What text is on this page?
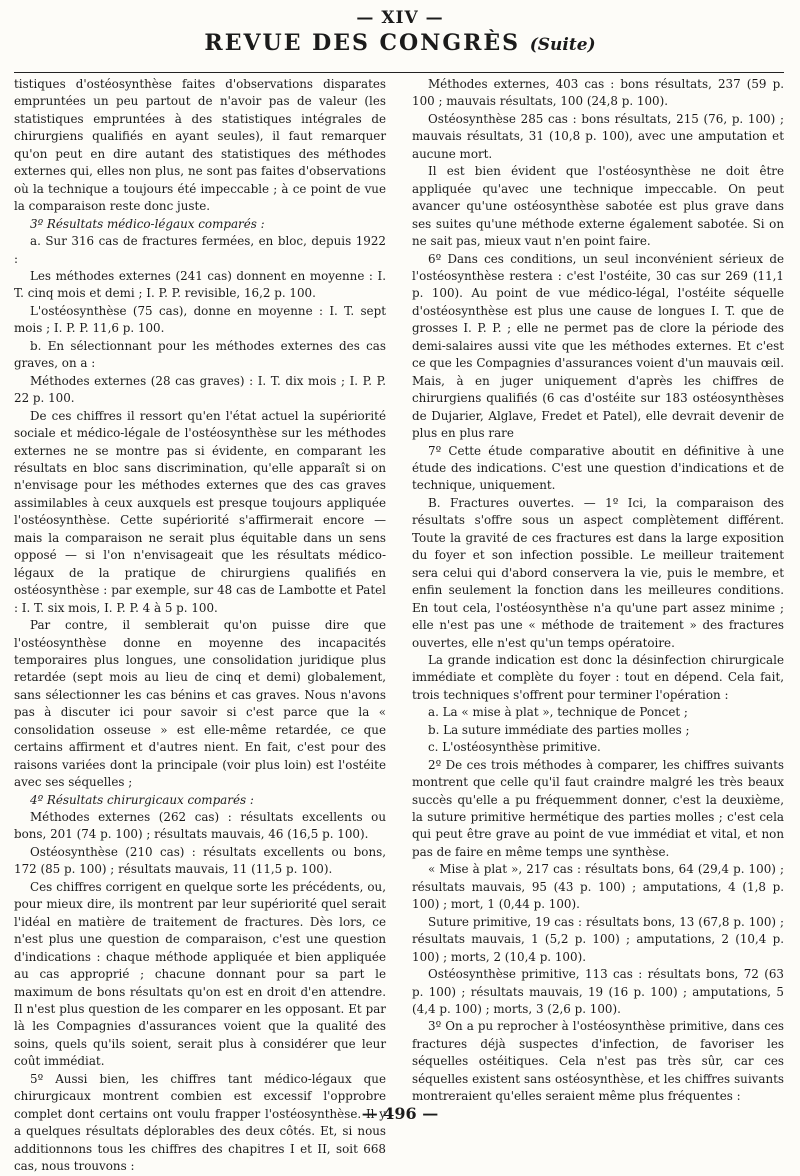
— XIV —
REVUE DES CONGRÈS (Suite)

tistiques d'ostéosynthèse faites d'observations disparates empruntées un peu partout de n'avoir pas de valeur (les statistiques empruntées à des statistiques intégrales de chirurgiens qualifiés en ayant seules), il faut remarquer qu'on peut en dire autant des statistiques des méthodes externes qui, elles non plus, ne sont pas faites d'observations où la technique a toujours été impeccable ; à ce point de vue la comparaison reste donc juste.

3º Résultats médico-légaux comparés :

a. Sur 316 cas de fractures fermées, en bloc, depuis 1922 :

Les méthodes externes (241 cas) donnent en moyenne : I. T. cinq mois et demi ; I. P. P. revisible, 16,2 p. 100.

L'ostéosynthèse (75 cas), donne en moyenne : I. T. sept mois ; I. P. P. 11,6 p. 100.

b. En sélectionnant pour les méthodes externes des cas graves, on a :

Méthodes externes (28 cas graves) : I. T. dix mois ; I. P. P. 22 p. 100.

De ces chiffres il ressort qu'en l'état actuel la supériorité sociale et médico-légale de l'ostéosynthèse sur les méthodes externes ne se montre pas si évidente, en comparant les résultats en bloc sans discrimination, qu'elle apparaît si on n'envisage pour les méthodes externes que des cas graves assimilables à ceux auxquels est presque toujours appliquée l'ostéosynthèse. Cette supériorité s'affirmerait encore — mais la comparaison ne serait plus équitable dans un sens opposé — si l'on n'envisageait que les résultats médico-légaux de la pratique de chirurgiens qualifiés en ostéosynthèse : par exemple, sur 48 cas de Lambotte et Patel : I. T. six mois, I. P. P. 4 à 5 p. 100.

Par contre, il semblerait qu'on puisse dire que l'ostéosynthèse donne en moyenne des incapacités temporaires plus longues, une consolidation juridique plus retardée (sept mois au lieu de cinq et demi) globalement, sans sélectionner les cas bénins et cas graves. Nous n'avons pas à discuter ici pour savoir si c'est parce que la « consolidation osseuse » est elle-même retardée, ce que certains affirment et d'autres nient. En fait, c'est pour des raisons variées dont la principale (voir plus loin) est l'ostéite avec ses séquelles ;

4º Résultats chirurgicaux comparés :

Méthodes externes (262 cas) : résultats excellents ou bons, 201 (74 p. 100) ; résultats mauvais, 46 (16,5 p. 100).

Ostéosynthèse (210 cas) : résultats excellents ou bons, 172 (85 p. 100) ; résultats mauvais, 11 (11,5 p. 100).

Ces chiffres corrigent en quelque sorte les précédents, ou, pour mieux dire, ils montrent par leur supériorité quel serait l'idéal en matière de traitement de fractures. Dès lors, ce n'est plus une question de comparaison, c'est une question d'indications : chaque méthode appliquée et bien appliquée au cas approprié ; chacune donnant pour sa part le maximum de bons résultats qu'on est en droit d'en attendre. Il n'est plus question de les comparer en les opposant. Et par là les Compagnies d'assurances voient que la qualité des soins, quels qu'ils soient, serait plus à considérer que leur coût immédiat.

5º Aussi bien, les chiffres tant médico-légaux que chirurgicaux montrent combien est excessif l'opprobre complet dont certains ont voulu frapper l'ostéosynthèse. Il y a quelques résultats déplorables des deux côtés. Et, si nous additionnons tous les chiffres des chapitres I et II, soit 668 cas, nous trouvons :

Méthodes externes, 403 cas : bons résultats, 237 (59 p. 100 ; mauvais résultats, 100 (24,8 p. 100).

Ostéosynthèse 285 cas : bons résultats, 215 (76, p. 100) ; mauvais résultats, 31 (10,8 p. 100), avec une amputation et aucune mort.

Il est bien évident que l'ostéosynthèse ne doit être appliquée qu'avec une technique impeccable. On peut avancer qu'une ostéosynthèse sabotée est plus grave dans ses suites qu'une méthode externe également sabotée. Si on ne sait pas, mieux vaut n'en point faire.

6º Dans ces conditions, un seul inconvénient sérieux de l'ostéosynthèse restera : c'est l'ostéite, 30 cas sur 269 (11,1 p. 100). Au point de vue médico-légal, l'ostéite séquelle d'ostéosynthèse est plus une cause de longues I. T. que de grosses I. P. P. ; elle ne permet pas de clore la période des demi-salaires aussi vite que les méthodes externes. Et c'est ce que les Compagnies d'assurances voient d'un mauvais œil. Mais, à en juger uniquement d'après les chiffres de chirurgiens qualifiés (6 cas d'ostéite sur 183 ostéosynthèses de Dujarier, Alglave, Fredet et Patel), elle devrait devenir de plus en plus rare

7º Cette étude comparative aboutit en définitive à une étude des indications. C'est une question d'indications et de technique, uniquement.

B. Fractures ouvertes. — 1º Ici, la comparaison des résultats s'offre sous un aspect complètement différent. Toute la gravité de ces fractures est dans la large exposition du foyer et son infection possible. Le meilleur traitement sera celui qui d'abord conservera la vie, puis le membre, et enfin seulement la fonction dans les meilleures conditions. En tout cela, l'ostéosynthèse n'a qu'une part assez minime ; elle n'est pas une « méthode de traitement » des fractures ouvertes, elle n'est qu'un temps opératoire.

La grande indication est donc la désinfection chirurgicale immédiate et complète du foyer : tout en dépend. Cela fait, trois techniques s'offrent pour terminer l'opération :

a. La « mise à plat », technique de Poncet ;

b. La suture immédiate des parties molles ;

c. L'ostéosynthèse primitive.

2º De ces trois méthodes à comparer, les chiffres suivants montrent que celle qu'il faut craindre malgré les très beaux succès qu'elle a pu fréquemment donner, c'est la deuxième, la suture primitive hermétique des parties molles ; c'est cela qui peut être grave au point de vue immédiat et vital, et non pas de faire en même temps une synthèse.

« Mise à plat », 217 cas : résultats bons, 64 (29,4 p. 100) ; résultats mauvais, 95 (43 p. 100) ; amputations, 4 (1,8 p. 100) ; mort, 1 (0,44 p. 100).

Suture primitive, 19 cas : résultats bons, 13 (67,8 p. 100) ; résultats mauvais, 1 (5,2 p. 100) ; amputations, 2 (10,4 p. 100) ; morts, 2 (10,4 p. 100).

Ostéosynthèse primitive, 113 cas : résultats bons, 72 (63 p. 100) ; résultats mauvais, 19 (16 p. 100) ; amputations, 5 (4,4 p. 100) ; morts, 3 (2,6 p. 100).

3º On a pu reprocher à l'ostéosynthèse primitive, dans ces fractures déjà suspectes d'infection, de favoriser les séquelles ostéitiques. Cela n'est pas très sûr, car ces séquelles existent sans ostéosynthèse, et les chiffres suivants montreraient qu'elles seraient même plus fréquentes :

— 496 —
